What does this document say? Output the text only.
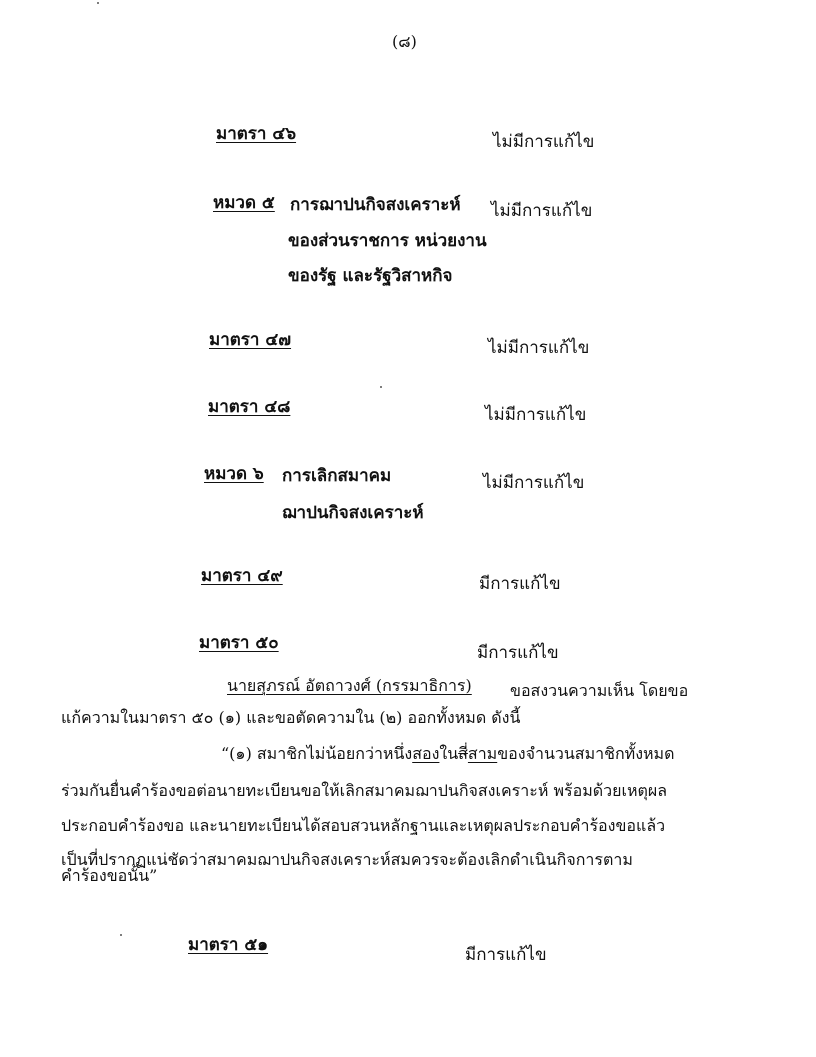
(๘)
มาตรา ๔๖	ไม่มีการแก้ไข
หมวด ๕ การฌาปนกิจสงเคราะห์
ของส่วนราชการ หน่วยงาน
ของรัฐ และรัฐวิสาหกิจ
ไม่มีการแก้ไข
มาตรา ๔๗	ไม่มีการแก้ไข
มาตรา ๔๘	ไม่มีการแก้ไข
หมวด ๖ การเลิกสมาคม
ฌาปนกิจสงเคราะห์
ไม่มีการแก้ไข
มาตรา ๔๙	มีการแก้ไข
มาตรา ๕๐	มีการแก้ไข
นายสุภรณ์ อัตถาวงศ์ (กรรมาธิการ) ขอสงวนความเห็น โดยขอ
แก้ความในมาตรา ๕๐ (๑) และขอตัดความใน (๒) ออกทั้งหมด ดังนี้
“(๑) สมาชิกไม่น้อยกว่าหนึ่งสองในสี่สามของจำนวนสมาชิกทั้งหมด
ร่วมกันยื่นคำร้องขอต่อนายทะเบียนขอให้เลิกสมาคมฌาปนกิจสงเคราะห์ พร้อมด้วยเหตุผล
ประกอบคำร้องขอ และนายทะเบียนได้สอบสวนหลักฐานและเหตุผลประกอบคำร้องขอแล้ว
เป็นที่ปรากฏแน่ชัดว่าสมาคมฌาปนกิจสงเคราะห์สมควรจะต้องเลิกดำเนินกิจการตาม
คำร้องขอนั้น”
มาตรา ๕๑	มีการแก้ไข
